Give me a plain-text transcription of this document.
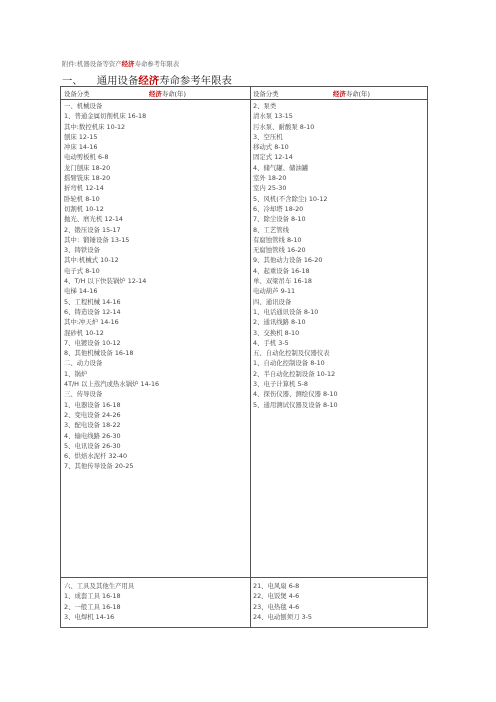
附件:机器设备等资产经济寿命参考年限表
一、 通用设备经济寿命参考年限表
设备分类	经济寿命(年)	设备分类	经济寿命(年)
一、机械设备
1、普通金属切削机床 16-18
其中:数控机床 10-12
刨床 12-15
冲床 14-16
电动剪板机 6-8
龙门刨床 18-20
摇臂铣床 18-20
折弯机 12-14
卧轮机 8-10
切割机 10-12
抛光、磨光机 12-14
2、锻压设备 15-17
其中：锻锤设备 13-15
3、铸铁设备
其中:机械式 10-12
电子式 8-10
4、T/H 以下快装锅炉 12-14
电梯 14-16
5、工程机械 14-16
6、铸造设备 12-14
其中:冲天炉 14-16
混砂机 10-12
7、电镀设备 10-12
8、其他机械设备 16-18
二、动力设备
1、锅炉
4T/H 以上蒸汽或热水锅炉 14-16
三、传导设备
1、电器设备 16-18
2、变电设备 24-26
3、配电设备 18-22
4、输电线路 26-30
5、电讯设备 26-30
6、烘焙水泥杆 32-40
7、其他传导设备 20-25
2、泵类
清水泵 13-15
污水泵、耐酸泵 8-10
3、空压机
移动式 8-10
固定式 12-14
4、储气罐、储油罐
室外 18-20
室内 25-30
5、风机(不含除尘) 10-12
6、冷却塔 18-20
7、除尘设备 8-10
8、工艺管线
有腐蚀管线 8-10
无腐蚀管线 16-20
9、其他动力设备 16-20
4、起重设备 16-18
单、双梁吊车 16-18
电动葫芦 9-11
四、通讯设备
1、电话通讯设备 8-10
2、通讯线路 8-10
3、交换机 8-10
4、手机 3-5
五、自动化控制及仪器仪表
1、自动化控制设备 8-10
2、半自动化控制设备 10-12
3、电子计算机 5-8
4、探伤仪器、测绘仪器 8-10
5、通用测试仪器及设备 8-10
六、工具及其他生产用具
1、成套工具 16-18
2、一般工具 16-18
3、电焊机 14-16
21、电风扇 6-8
22、电饭煲 4-6
23、电热毯 4-6
24、电动刨须刀 3-5
